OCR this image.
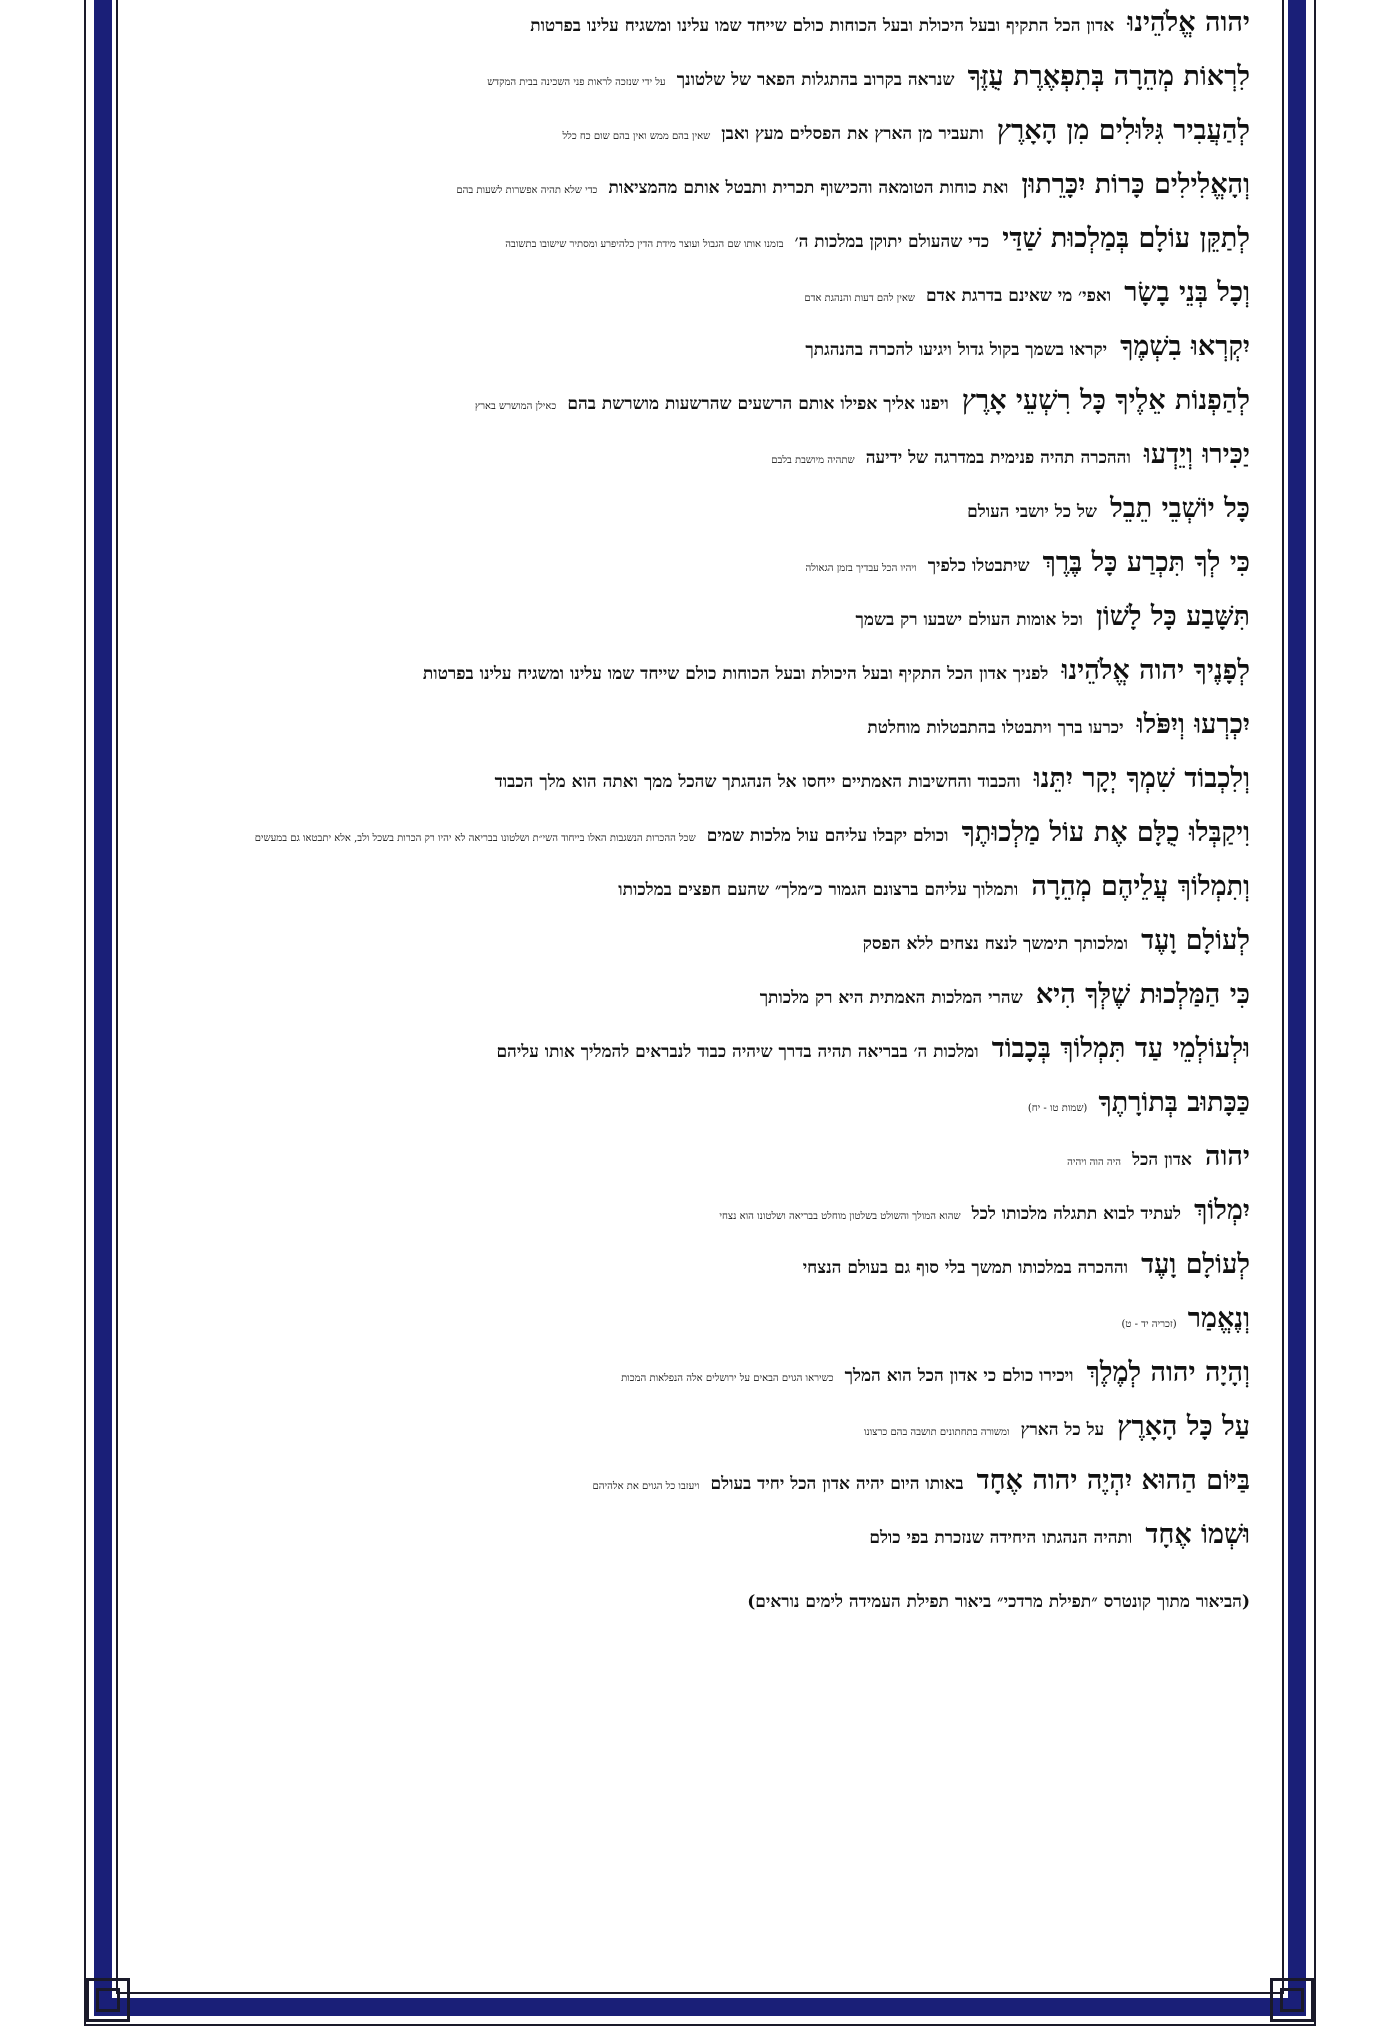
יהוה אֱלֹהֵינוּ אדון הכל התקיף ובעל היכולת ובעל הכוחות כולם שייחד שמו עלינו ומשגיח עלינו בפרטות

לִרְאוֹת מְהֵרָה בְּתִפְאֶרֶת עֻזֶּךָ שנראה בקרוב בהתגלות הפאר של שלטונך על ידי שנזכה לראות פני השכינה בבית המקדש

לְהַעֲבִיר גִּלּוּלִים מִן הָאָרֶץ ותעביר מן הארץ את הפסלים מעץ ואבן שאין בהם ממש ואין בהם שום כח כלל

וְהָאֱלִילִים כָּרוֹת יִכָּרֵתוּן ואת כוחות הטומאה והכישוף תכרית ותבטל אותם מהמציאות כדי שלא תהיה אפשרות לשעות בהם

לְתַקֵּן עוֹלָם בְּמַלְכוּת שַׁדַּי כדי שהעולם יתוקן במלכות ה׳ בזמנו אותו שם הגבול ועוצר מידת הדין כלהיפרע ומסתיר שישובו בתשובה

וְכָל בְּנֵי בָשָׂר ואפי׳ מי שאינם בדרגת אדם שאין להם דעות והנהגת אדם

יִקְרְאוּ בִשְׁמֶךָ יקראו בשמך בקול גדול ויגיעו להכרה בהנהגתך

לְהַפְנוֹת אֵלֶיךָ כָּל רִשְׁעֵי אָרֶץ ויפנו אליך אפילו אותם הרשעים שהרשעות מושרשת בהם כאילן המושרש בארץ

יַכִּירוּ וְיֵדְעוּ וההכרה תהיה פנימית במדרגה של ידיעה שתהיה מיושבת בלבם

כָּל יוֹשְׁבֵי תֵבֵל של כל יושבי העולם

כִּי לְךָ תִּכְרַע כָּל בֶּרֶךְ שיתבטלו כלפיך ויהיו הכל עבדיך בזמן הגאולה

תִּשָּׁבַע כָּל לָשׁוֹן וכל אומות העולם ישבעו רק בשמך

לְפָנֶיךָ יהוה אֱלֹהֵינוּ לפניך אדון הכל התקיף ובעל היכולת ובעל הכוחות כולם שייחד שמו עלינו ומשגיח עלינו בפרטות

יִכְרְעוּ וְיִפֹּלוּ יכרעו ברך ויתבטלו בהתבטלות מוחלטת

וְלִכְבוֹד שִׁמְךָ יְקָר יִתֵּנוּ והכבוד והחשיבות האמתיים ייחסו אל הנהגתך שהכל ממך ואתה הוא מלך הכבוד

וִיקַבְּלוּ כֻלָּם אֶת עוֹל מַלְכוּתֶךָ וכולם יקבלו עליהם עול מלכות שמים שכל ההכרות הנשגבות האלו בייחוד השי״ת ושלטונו בבריאה לא יהיו רק הכרות בשכל ולב, אלא יתבטאו גם במעשים

וְתִמְלוֹךְ עֲלֵיהֶם מְהֵרָה ותמלוך עליהם ברצונם הגמור כ״מלך״ שהעם חפצים במלכותו

לְעוֹלָם וָעֶד ומלכותך תימשך לנצח נצחים ללא הפסק

כִּי הַמַּלְכוּת שֶׁלְּךָ הִיא שהרי המלכות האמתית היא רק מלכותך

וּלְעוֹלְמֵי עַד תִּמְלוֹךְ בְּכָבוֹד ומלכות ה׳ בבריאה תהיה בדרך שיהיה כבוד לנבראים להמליך אותו עליהם

כַּכָּתוּב בְּתוֹרָתֶךָ (שמות טו - יח)

יהוה אדון הכל היה הוה ויהיה

יִמְלוֹךְ לעתיד לבוא תתגלה מלכותו לכל שהוא המולך והשולט בשלטון מוחלט בבריאה ושלטונו הוא נצחי

לְעוֹלָם וָעֶד וההכרה במלכותו תמשך בלי סוף גם בעולם הנצחי

וְנֶאֱמַר (זכריה יד - ט)

וְהָיָה יהוה לְמֶלֶךְ ויכירו כולם כי אדון הכל הוא המלך כשיראו הגוים הבאים על ירושלים אלה הנפלאות המכות

עַל כָּל הָאָרֶץ על כל הארץ ומשורה בתחתונים תושבה בהם כרצונו

בַּיּוֹם הַהוּא יִהְיֶה יהוה אֶחָד באותו היום יהיה אדון הכל יחיד בעולם ויעזבו כל הגוים את אלהיהם

וּשְׁמוֹ אֶחָד ותהיה הנהגתו היחידה שנזכרת בפי כולם

(הביאור מתוך קונטרס ״תפילת מרדכי״ ביאור תפילת העמידה לימים נוראים)
